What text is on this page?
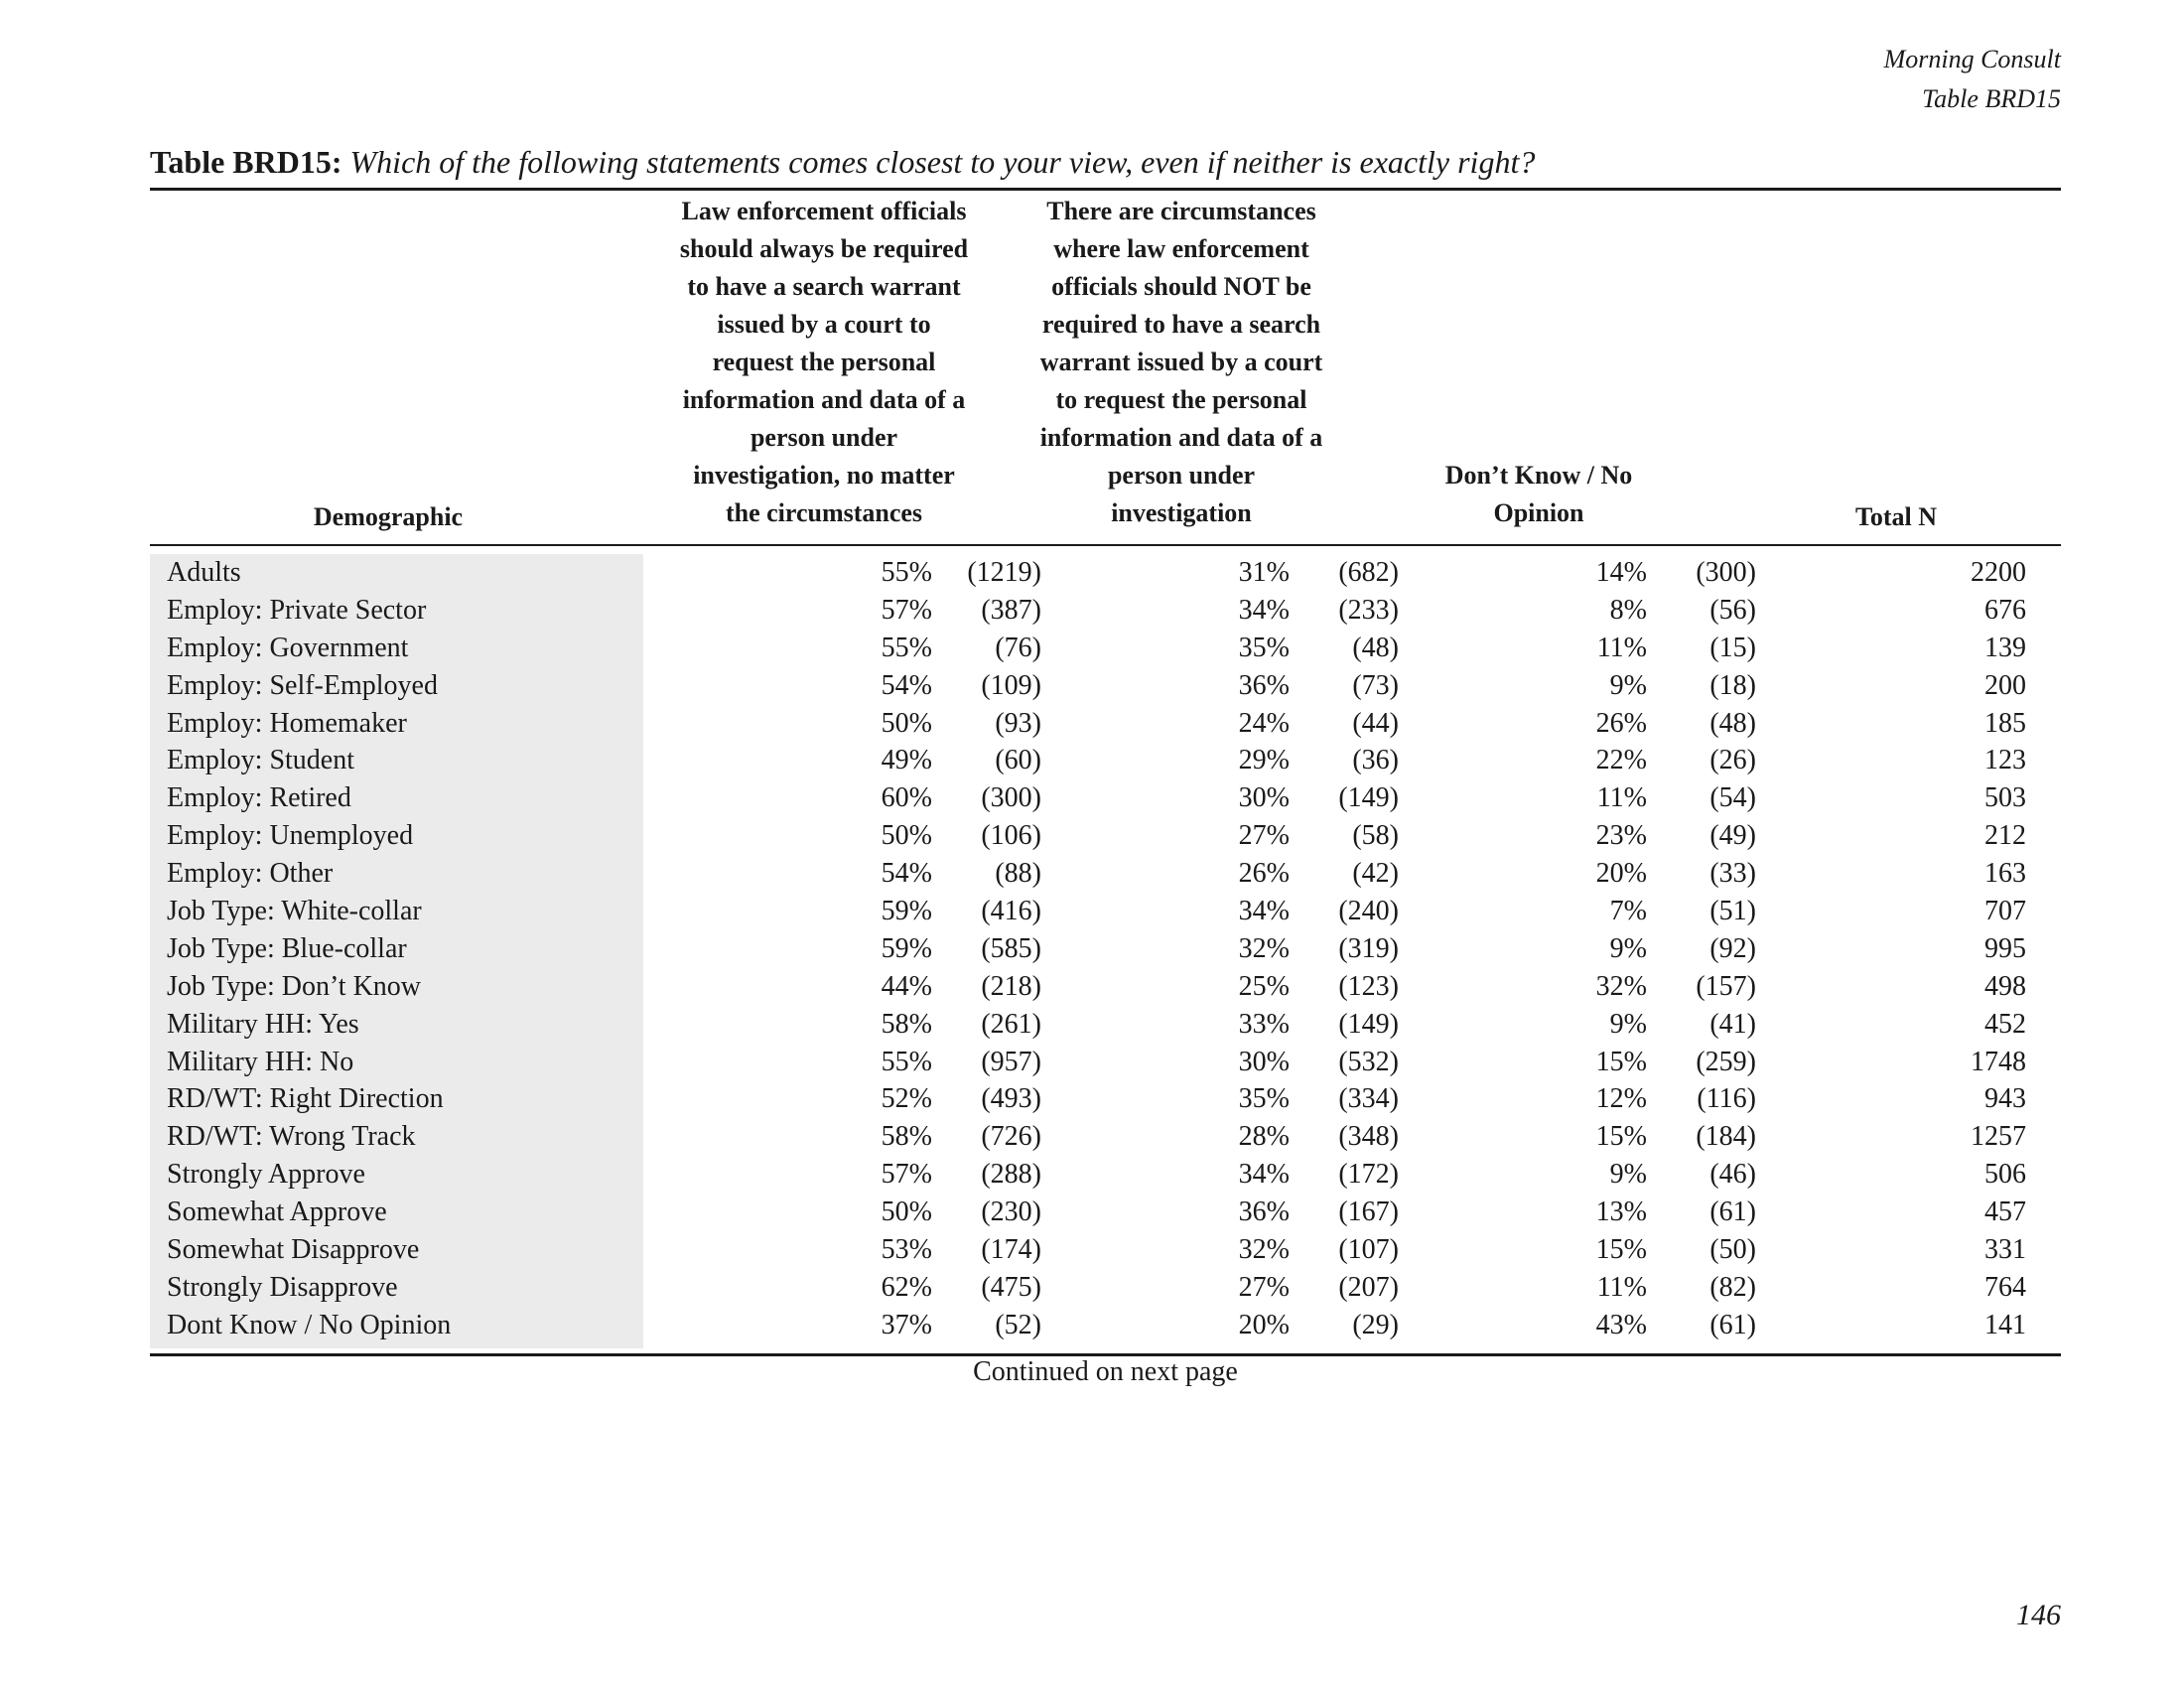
Morning Consult
Table BRD15
Table BRD15: Which of the following statements comes closest to your view, even if neither is exactly right?
Demographic
Law enforcement officials
should always be required
to have a search warrant
issued by a court to
request the personal
information and data of a
person under
investigation, no matter
the circumstances
There are circumstances
where law enforcement
officials should NOT be
required to have a search
warrant issued by a court
to request the personal
information and data of a
person under
investigation
Don’t Know / No
Opinion	Total N
Adults	55% (1219)	31% (682)	14% (300)	2200
Employ: Private Sector	57% (387)	34% (233)	8% (56)	676
Employ: Government	55% (76)	35% (48)	11% (15)	139
Employ: Self-Employed	54% (109)	36% (73)	9% (18)	200
Employ: Homemaker	50% (93)	24% (44)	26% (48)	185
Employ: Student	49% (60)	29% (36)	22% (26)	123
Employ: Retired	60% (300)	30% (149)	11% (54)	503
Employ: Unemployed	50% (106)	27% (58)	23% (49)	212
Employ: Other	54% (88)	26% (42)	20% (33)	163
Job Type: White-collar	59% (416)	34% (240)	7% (51)	707
Job Type: Blue-collar	59% (585)	32% (319)	9% (92)	995
Job Type: Don’t Know	44% (218)	25% (123)	32% (157)	498
Military HH: Yes	58% (261)	33% (149)	9% (41)	452
Military HH: No	55% (957)	30% (532)	15% (259)	1748
RD/WT: Right Direction	52% (493)	35% (334)	12% (116)	943
RD/WT: Wrong Track	58% (726)	28% (348)	15% (184)	1257
Strongly Approve	57% (288)	34% (172)	9% (46)	506
Somewhat Approve	50% (230)	36% (167)	13% (61)	457
Somewhat Disapprove	53% (174)	32% (107)	15% (50)	331
Strongly Disapprove	62% (475)	27% (207)	11% (82)	764
Dont Know / No Opinion	37% (52)	20% (29)	43% (61)	141
Continued on next page
146
